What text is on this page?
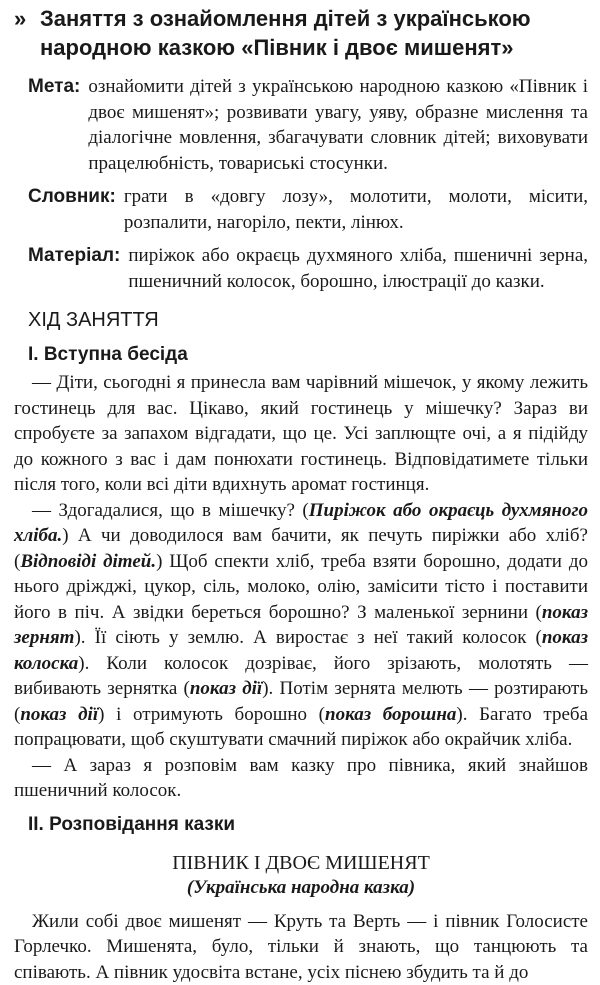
» Заняття з ознайомлення дітей з українською
народною казкою «Півник і двоє мишенят»
Мета: ознайомити дітей з українською народною казкою «Півник і двоє мишенят»; розвивати увагу, уяву, образне мислення та діалогічне мовлення, збагачувати словник дітей; виховувати працелюбність, товариські стосунки.
Словник: грати в «довгу лозу», молотити, молоти, місити, розпалити, нагоріло, пекти, лінюх.
Матеріал: пиріжок або окраєць духмяного хліба, пшеничні зерна, пшеничний колосок, борошно, ілюстрації до казки.
ХІД ЗАНЯТТЯ
І. Вступна бесіда

— Діти, сьогодні я принесла вам чарівний мішечок, у якому лежить гостинець для вас. Цікаво, який гостинець у мішечку? Зараз ви спробуєте за запахом відгадати, що це. Усі заплющте очі, а я підійду до кожного з вас і дам понюхати гостинець. Відповідатимете тільки після того, коли всі діти вдихнуть аромат гостинця.

— Здогадалися, що в мішечку? (Пиріжок або окраєць духмяного хліба.) А чи доводилося вам бачити, як печуть пиріжки або хліб? (Відповіді дітей.) Щоб спекти хліб, треба взяти борошно, додати до нього дріжджі, цукор, сіль, молоко, олію, замісити тісто і поставити його в піч. А звідки береться борошно? З маленької зернини (показ зернят). Її сіють у землю. А виростає з неї такий колосок (показ колоска). Коли колосок дозріває, його зрізають, молотять — вибивають зернятка (показ дії). Потім зернята мелють — розтирають (показ дії) і отримують борошно (показ борошна). Багато треба попрацювати, щоб скуштувати смачний пиріжок або окрайчик хліба.

— А зараз я розповім вам казку про півника, який знайшов пшеничний колосок.

ІІ. Розповідання казки
ПІВНИК І ДВОЄ МИШЕНЯТ
(Українська народна казка)

Жили собі двоє мишенят — Круть та Верть — і півник Голосисте Горлечко. Мишенята, було, тільки й знають, що танцюють та співають. А півник удосвіта встане, усіх піснею збудить та й до
